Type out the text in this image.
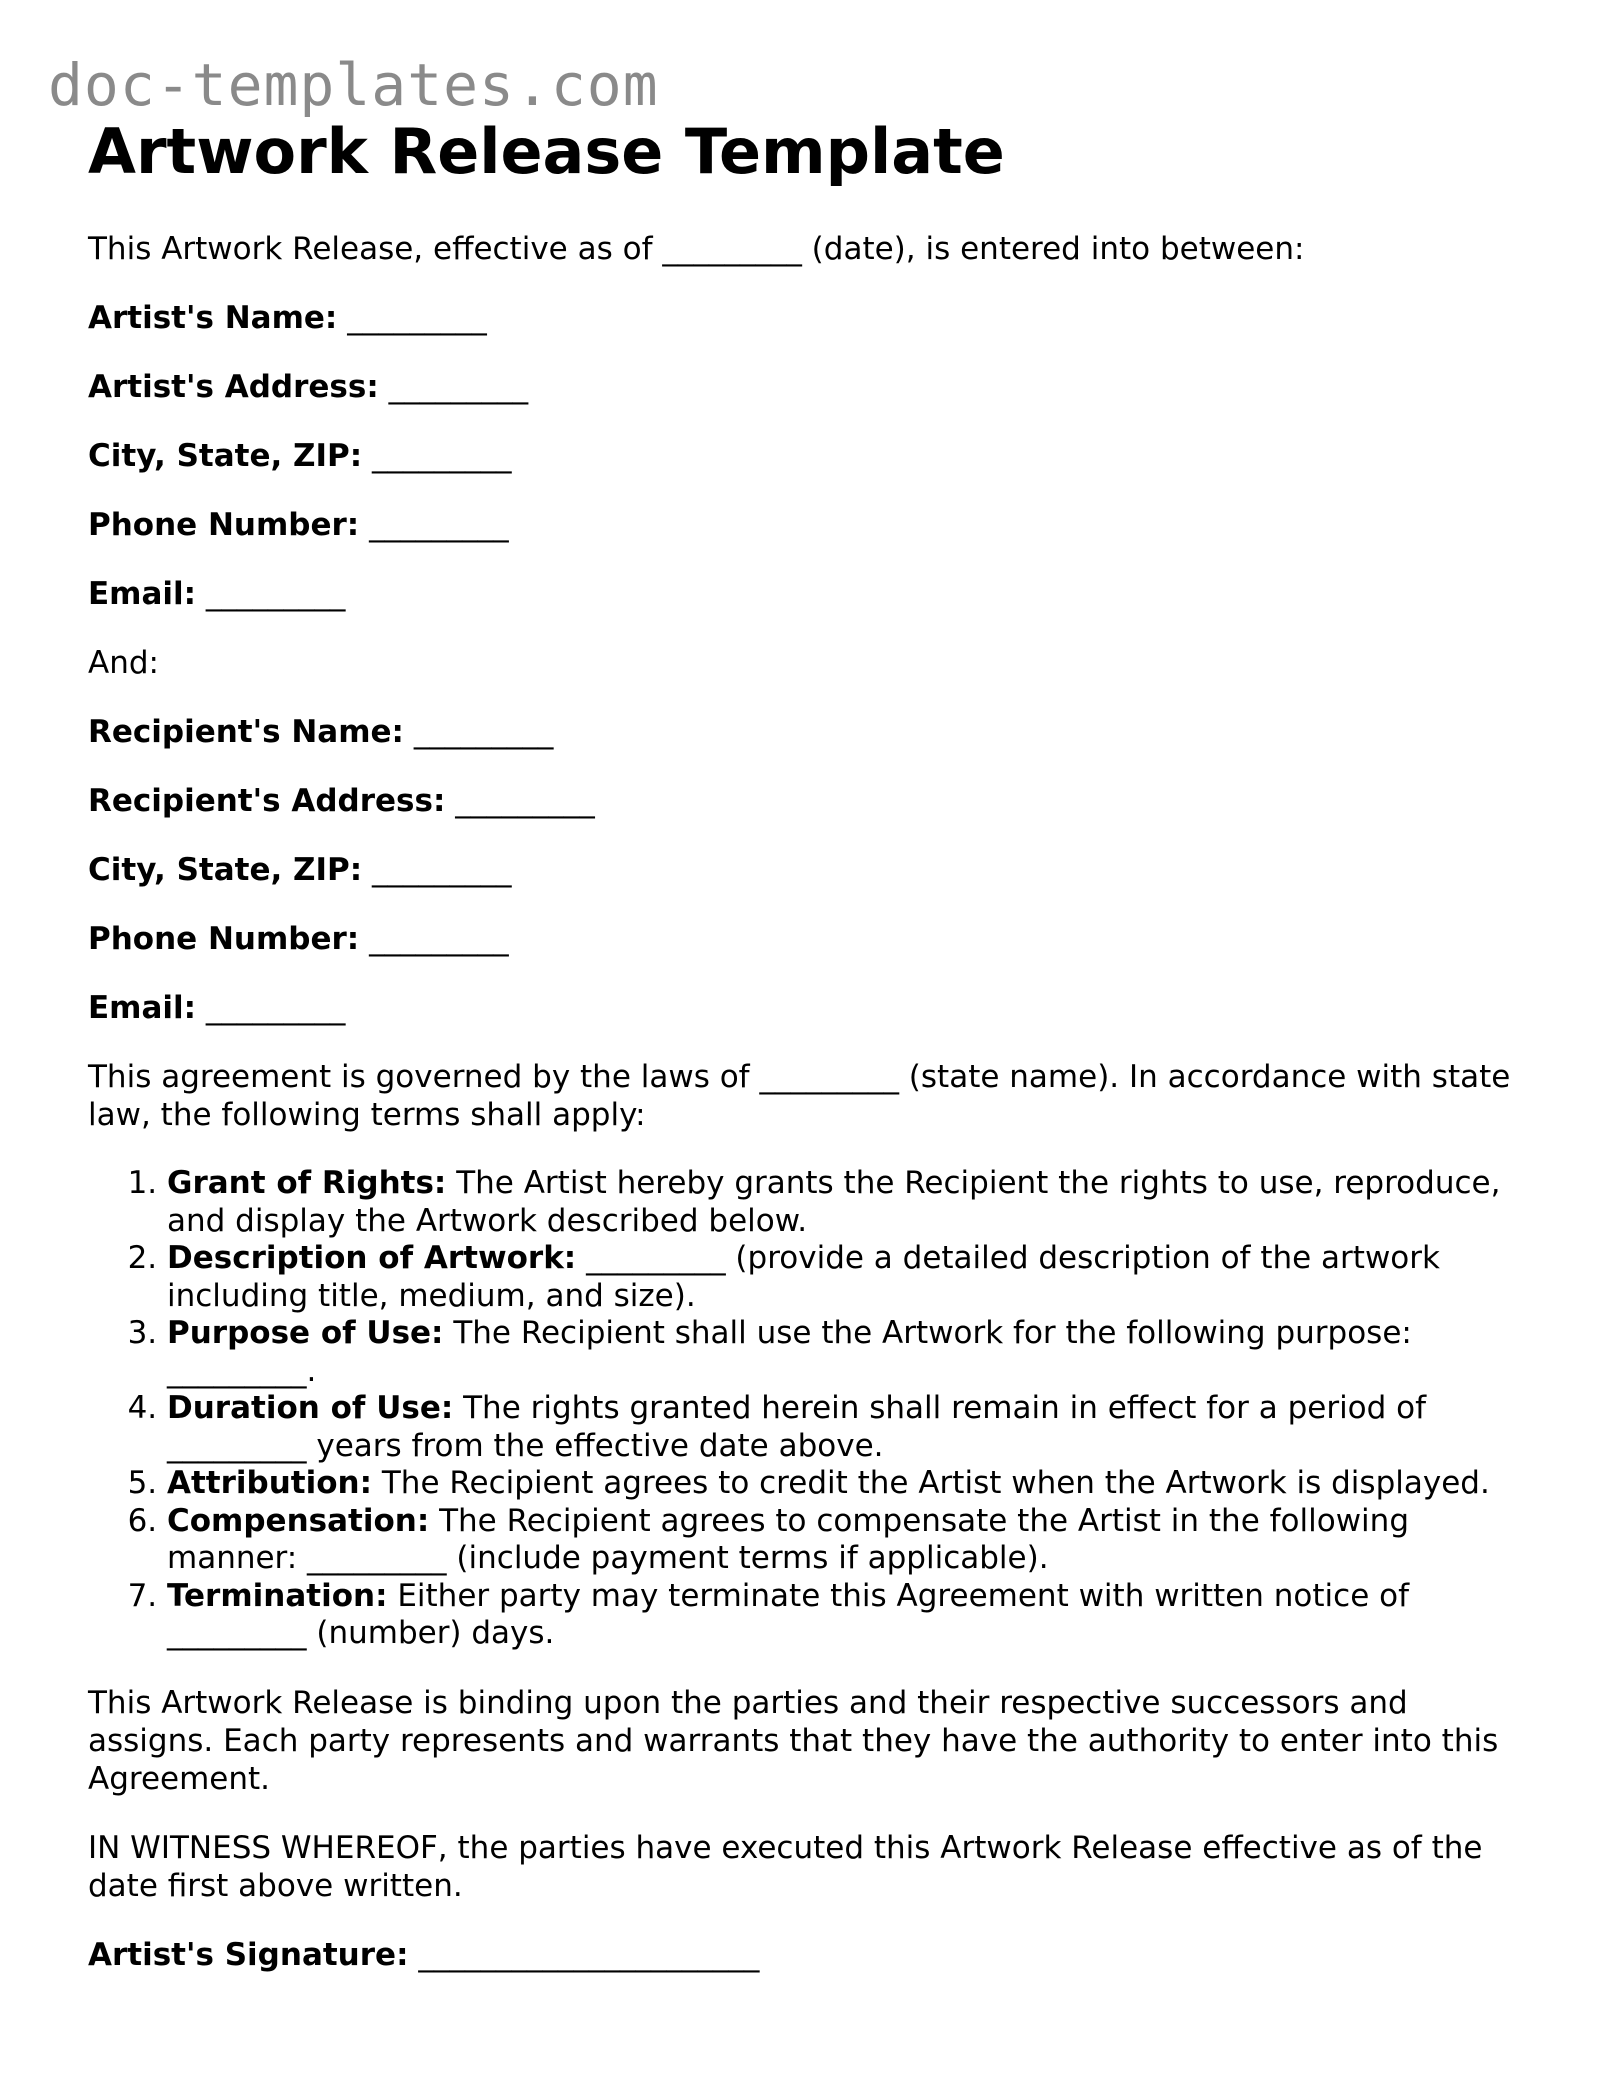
doc-templates.com
Artwork Release Template
This Artwork Release, effective as of _________ (date), is entered into between:
Artist's Name: _________
Artist's Address: _________
City, State, ZIP: _________
Phone Number: _________
Email: _________
And:
Recipient's Name: _________
Recipient's Address: _________
City, State, ZIP: _________
Phone Number: _________
Email: _________

This agreement is governed by the laws of _________ (state name). In accordance with state law, the following terms shall apply:

1. Grant of Rights: The Artist hereby grants the Recipient the rights to use, reproduce, and display the Artwork described below.
2. Description of Artwork: _________ (provide a detailed description of the artwork including title, medium, and size).
3. Purpose of Use: The Recipient shall use the Artwork for the following purpose: _________.
4. Duration of Use: The rights granted herein shall remain in effect for a period of _________ years from the effective date above.
5. Attribution: The Recipient agrees to credit the Artist when the Artwork is displayed.
6. Compensation: The Recipient agrees to compensate the Artist in the following manner: _________ (include payment terms if applicable).
7. Termination: Either party may terminate this Agreement with written notice of _________ (number) days.

This Artwork Release is binding upon the parties and their respective successors and assigns. Each party represents and warrants that they have the authority to enter into this Agreement.

IN WITNESS WHEREOF, the parties have executed this Artwork Release effective as of the date first above written.

Artist's Signature: ______________________
